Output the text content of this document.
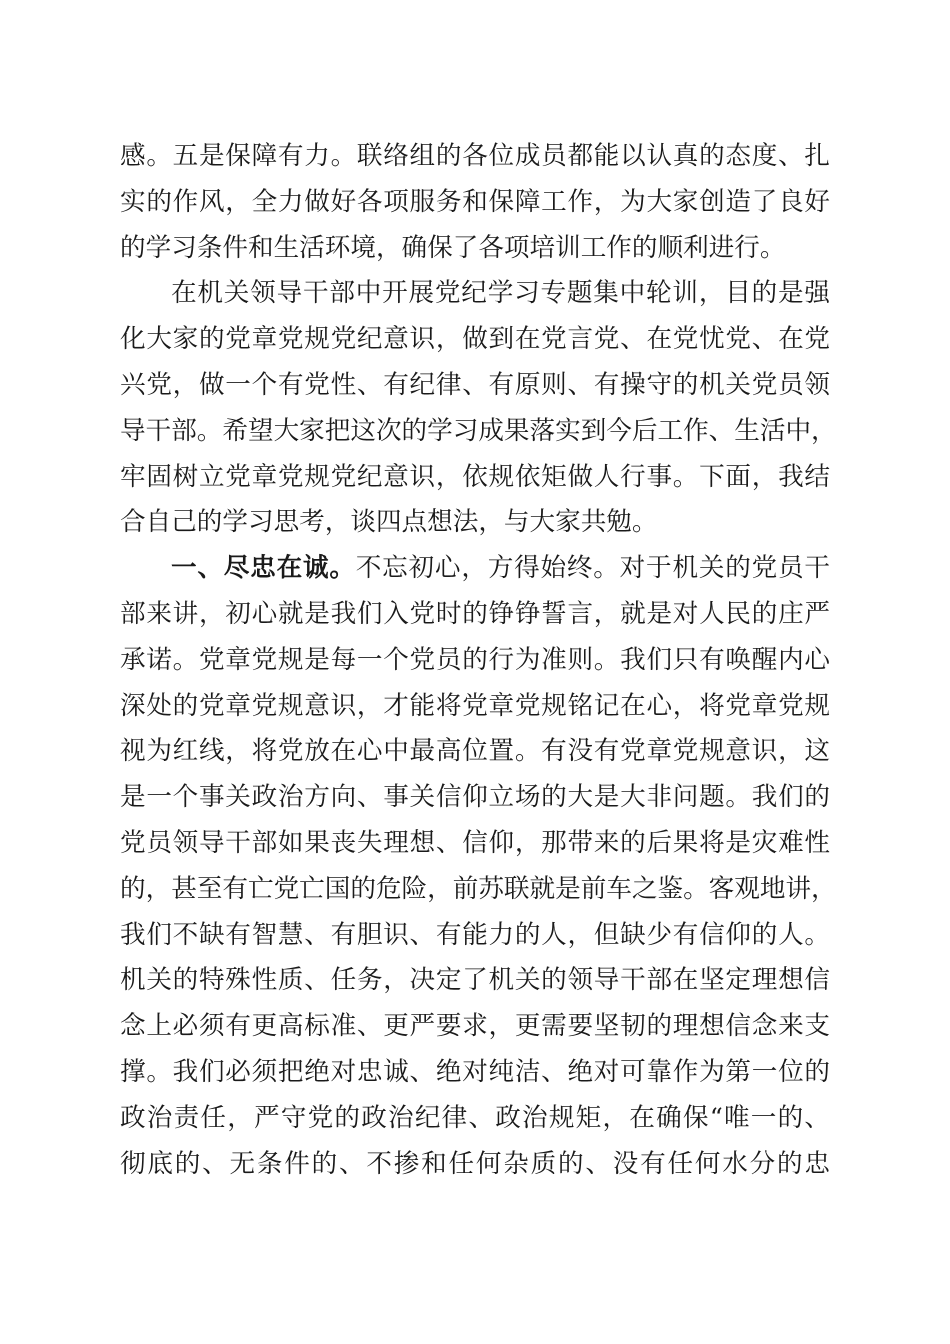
感。五是保障有力。联络组的各位成员都能以认真的态度、扎
实的作风，全力做好各项服务和保障工作，为大家创造了良好
的学习条件和生活环境，确保了各项培训工作的顺利进行。
在机关领导干部中开展党纪学习专题集中轮训，目的是强
化大家的党章党规党纪意识，做到在党言党、在党忧党、在党
兴党，做一个有党性、有纪律、有原则、有操守的机关党员领
导干部。希望大家把这次的学习成果落实到今后工作、生活中，
牢固树立党章党规党纪意识，依规依矩做人行事。下面，我结
合自己的学习思考，谈四点想法，与大家共勉。
一、尽忠在诚。不忘初心，方得始终。对于机关的党员干
部来讲，初心就是我们入党时的铮铮誓言，就是对人民的庄严
承诺。党章党规是每一个党员的行为准则。我们只有唤醒内心
深处的党章党规意识，才能将党章党规铭记在心，将党章党规
视为红线，将党放在心中最高位置。有没有党章党规意识，这
是一个事关政治方向、事关信仰立场的大是大非问题。我们的
党员领导干部如果丧失理想、信仰，那带来的后果将是灾难性
的，甚至有亡党亡国的危险，前苏联就是前车之鉴。客观地讲，
我们不缺有智慧、有胆识、有能力的人，但缺少有信仰的人。
机关的特殊性质、任务，决定了机关的领导干部在坚定理想信
念上必须有更高标准、更严要求，更需要坚韧的理想信念来支
撑。我们必须把绝对忠诚、绝对纯洁、绝对可靠作为第一位的
政治责任，严守党的政治纪律、政治规矩，在确保“唯一的、
彻底的、无条件的、不掺和任何杂质的、没有任何水分的忠
